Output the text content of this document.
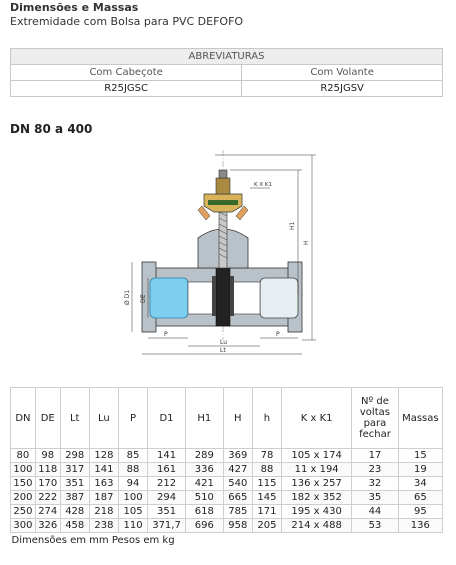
Dimensões e Massas
Extremidade com Bolsa para PVC DEFOFO
ABREVIATURAS	
Com Cabeçote	Com Volante
R25JGSC	R25JGSV
DN 80 a 400
K X K1
H1
H
Ø D1 DE
P	P
Lu
Lt
DN	DE	Lt	Lu	P	D1	H1	H	h	K x K1	Nº de voltas para fechar	Massas
80	98	298	128	85	141	289	369	78	105 x 174	17	15
100	118	317	141	88	161	336	427	88	11 x 194	23	19
150	170	351	163	94	212	421	540	115	136 x 257	32	34
200	222	387	187	100	294	510	665	145	182 x 352	35	65
250	274	428	218	105	351	618	785	171	195 x 430	44	95
300	326	458	238	110	371,7	696	958	205	214 x 488	53	136
Dimensões em mm Pesos em kg											
